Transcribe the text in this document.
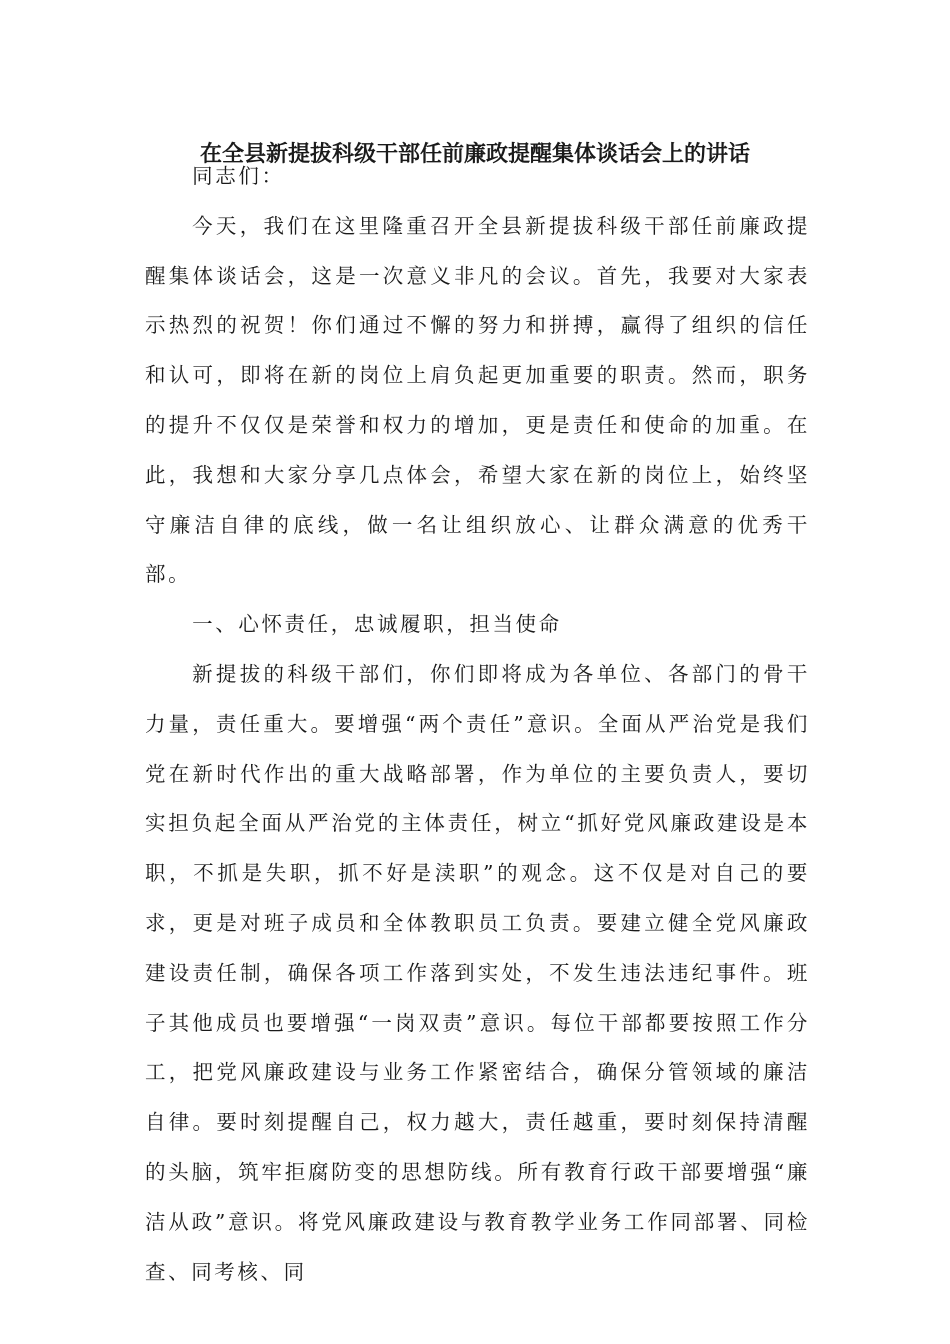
在全县新提拔科级干部任前廉政提醒集体谈话会上的讲话

同志们：

今天，我们在这里隆重召开全县新提拔科级干部任前廉政提醒集体谈话会，这是一次意义非凡的会议。首先，我要对大家表示热烈的祝贺！你们通过不懈的努力和拼搏，赢得了组织的信任和认可，即将在新的岗位上肩负起更加重要的职责。然而，职务的提升不仅仅是荣誉和权力的增加，更是责任和使命的加重。在此，我想和大家分享几点体会，希望大家在新的岗位上，始终坚守廉洁自律的底线，做一名让组织放心、让群众满意的优秀干部。

一、心怀责任，忠诚履职，担当使命

新提拔的科级干部们，你们即将成为各单位、各部门的骨干力量，责任重大。要增强“两个责任”意识。全面从严治党是我们党在新时代作出的重大战略部署，作为单位的主要负责人，要切实担负起全面从严治党的主体责任，树立“抓好党风廉政建设是本职，不抓是失职，抓不好是渎职”的观念。这不仅是对自己的要求，更是对班子成员和全体教职员工负责。要建立健全党风廉政建设责任制，确保各项工作落到实处，不发生违法违纪事件。班子其他成员也要增强“一岗双责”意识。每位干部都要按照工作分工，把党风廉政建设与业务工作紧密结合，确保分管领域的廉洁自律。要时刻提醒自己，权力越大，责任越重，要时刻保持清醒的头脑，筑牢拒腐防变的思想防线。所有教育行政干部要增强“廉洁从政”意识。将党风廉政建设与教育教学业务工作同部署、同检查、同考核、同
